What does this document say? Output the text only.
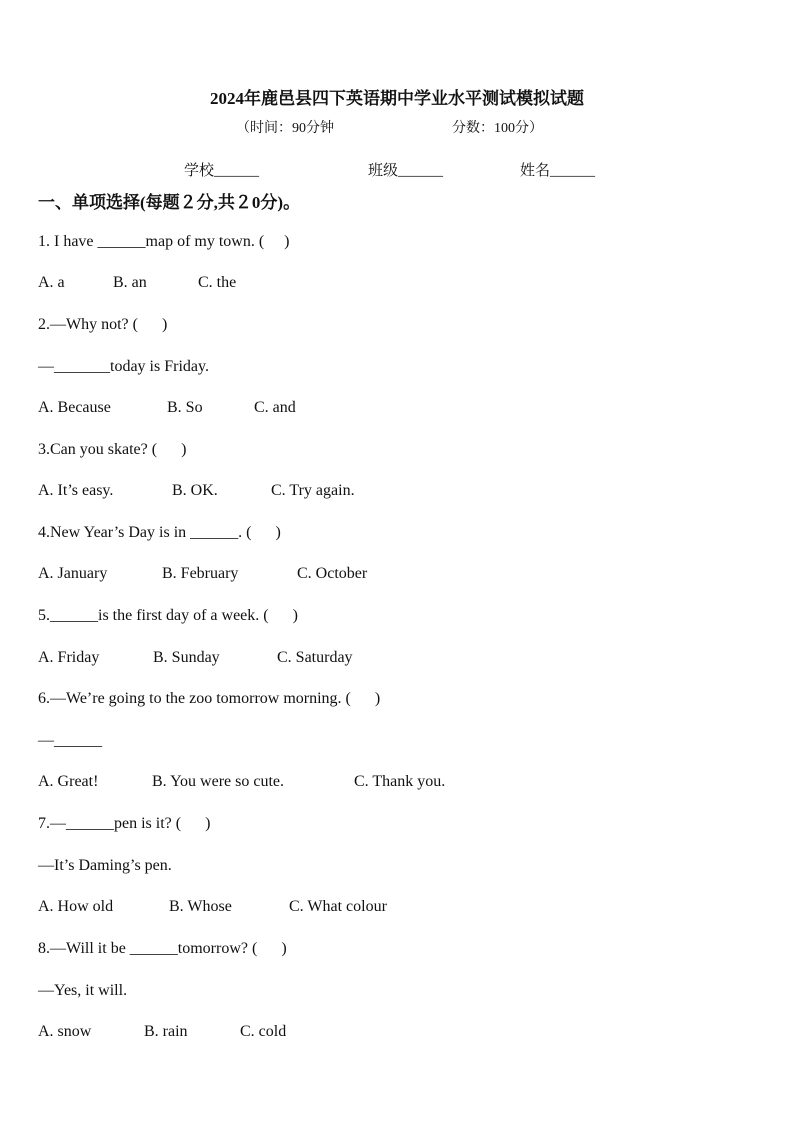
2024年鹿邑县四下英语期中学业水平测试模拟试题
（时间：90分钟	分数：100分）
学校______	班级______	姓名______
一、单项选择(每题２分,共２0分)。
1. I have ______map of my town. (     )
A. a	B. an	C. the
2.—Why not? (      )
—_______today is Friday.
A. Because	B. So	C. and
3.Can you skate? (      )
A. It’s easy.	B. OK.	C. Try again.
4.New Year’s Day is in ______. (      )
A. January	B. February	C. October
5.______is the first day of a week. (      )
A. Friday	B. Sunday	C. Saturday
6.—We’re going to the zoo tomorrow morning. (      )
—______
A. Great!	B. You were so cute.	C. Thank you.
7.—______pen is it? (      )
—It’s Daming’s pen.
A. How old	B. Whose	C. What colour
8.—Will it be ______tomorrow? (      )
—Yes, it will.
A. snow	B. rain	C. cold
